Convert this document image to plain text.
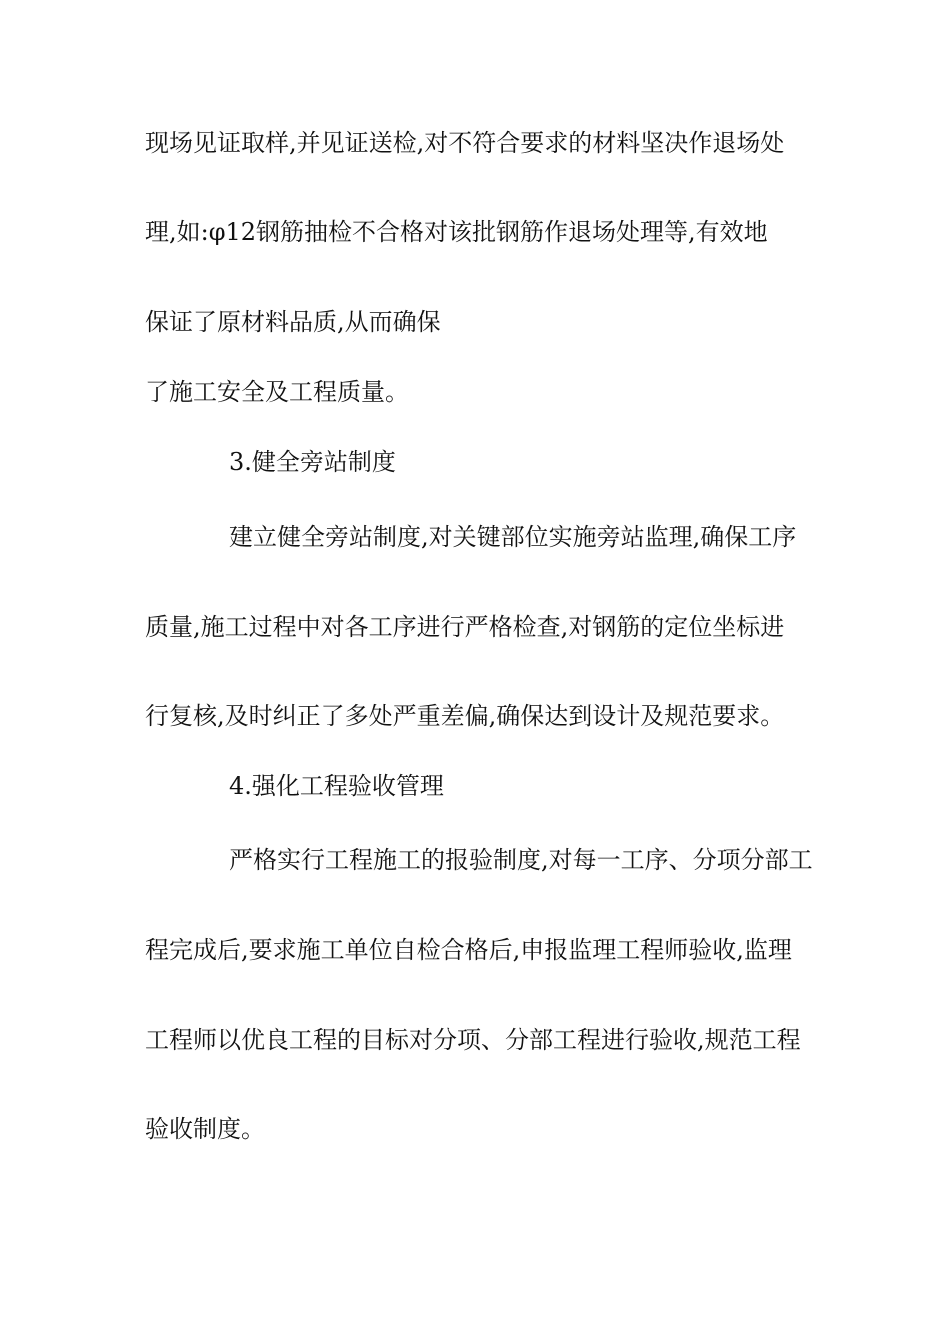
现场见证取样,并见证送检,对不符合要求的材料坚决作退场处
理,如:φ12钢筋抽检不合格对该批钢筋作退场处理等,有效地
保证了原材料品质,从而确保
了施工安全及工程质量。
3.健全旁站制度
建立健全旁站制度,对关键部位实施旁站监理,确保工序
质量,施工过程中对各工序进行严格检查,对钢筋的定位坐标进
行复核,及时纠正了多处严重差偏,确保达到设计及规范要求。
4.强化工程验收管理
严格实行工程施工的报验制度,对每一工序、分项分部工
程完成后,要求施工单位自检合格后,申报监理工程师验收,监理
工程师以优良工程的目标对分项、分部工程进行验收,规范工程
验收制度。
